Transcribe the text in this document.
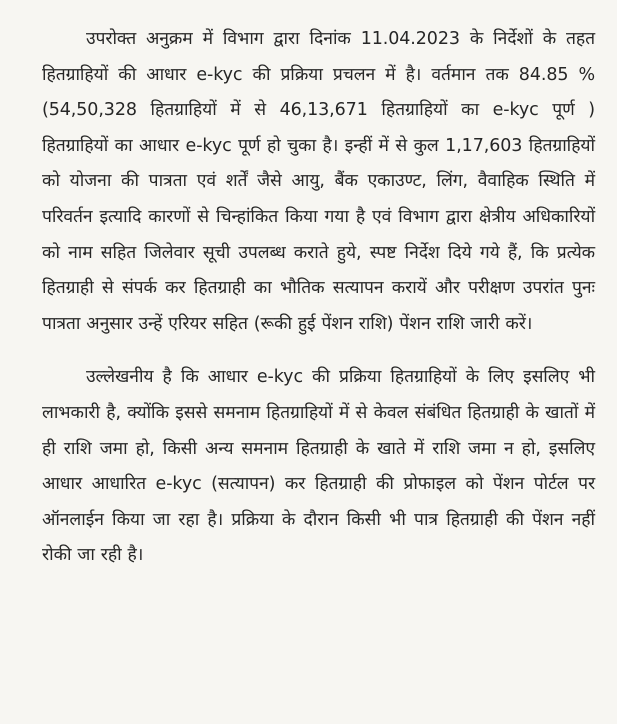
उपरोक्त अनुक्रम में विभाग द्वारा दिनांक 11.04.2023 के निर्देशों के तहत हितग्राहियों की आधार e-kyc की प्रक्रिया प्रचलन में है। वर्तमान तक 84.85 % (54,50,328 हितग्राहियों में से 46,13,671 हितग्राहियों का e-kyc पूर्ण ) हितग्राहियों का आधार e-kyc पूर्ण हो चुका है। इन्हीं में से कुल 1,17,603 हितग्राहियों को योजना की पात्रता एवं शर्तें जैसे आयु, बैंक एकाउण्ट, लिंग, वैवाहिक स्थिति में परिवर्तन इत्यादि कारणों से चिन्हांकित किया गया है एवं विभाग द्वारा क्षेत्रीय अधिकारियों को नाम सहित जिलेवार सूची उपलब्ध कराते हुये, स्पष्ट निर्देश दिये गये हैं, कि प्रत्येक हितग्राही से संपर्क कर हितग्राही का भौतिक सत्यापन करायें और परीक्षण उपरांत पुनः पात्रता अनुसार उन्हें एरियर सहित (रूकी हुई पेंशन राशि) पेंशन राशि जारी करें।

उल्लेखनीय है कि आधार e-kyc की प्रक्रिया हितग्राहियों के लिए इसलिए भी लाभकारी है, क्योंकि इससे समनाम हितग्राहियों में से केवल संबंधित हितग्राही के खातों में ही राशि जमा हो, किसी अन्य समनाम हितग्राही के खाते में राशि जमा न हो, इसलिए आधार आधारित e-kyc (सत्यापन) कर हितग्राही की प्रोफाइल को पेंशन पोर्टल पर ऑनलाईन किया जा रहा है। प्रक्रिया के दौरान किसी भी पात्र हितग्राही की पेंशन नहीं रोकी जा रही है।
